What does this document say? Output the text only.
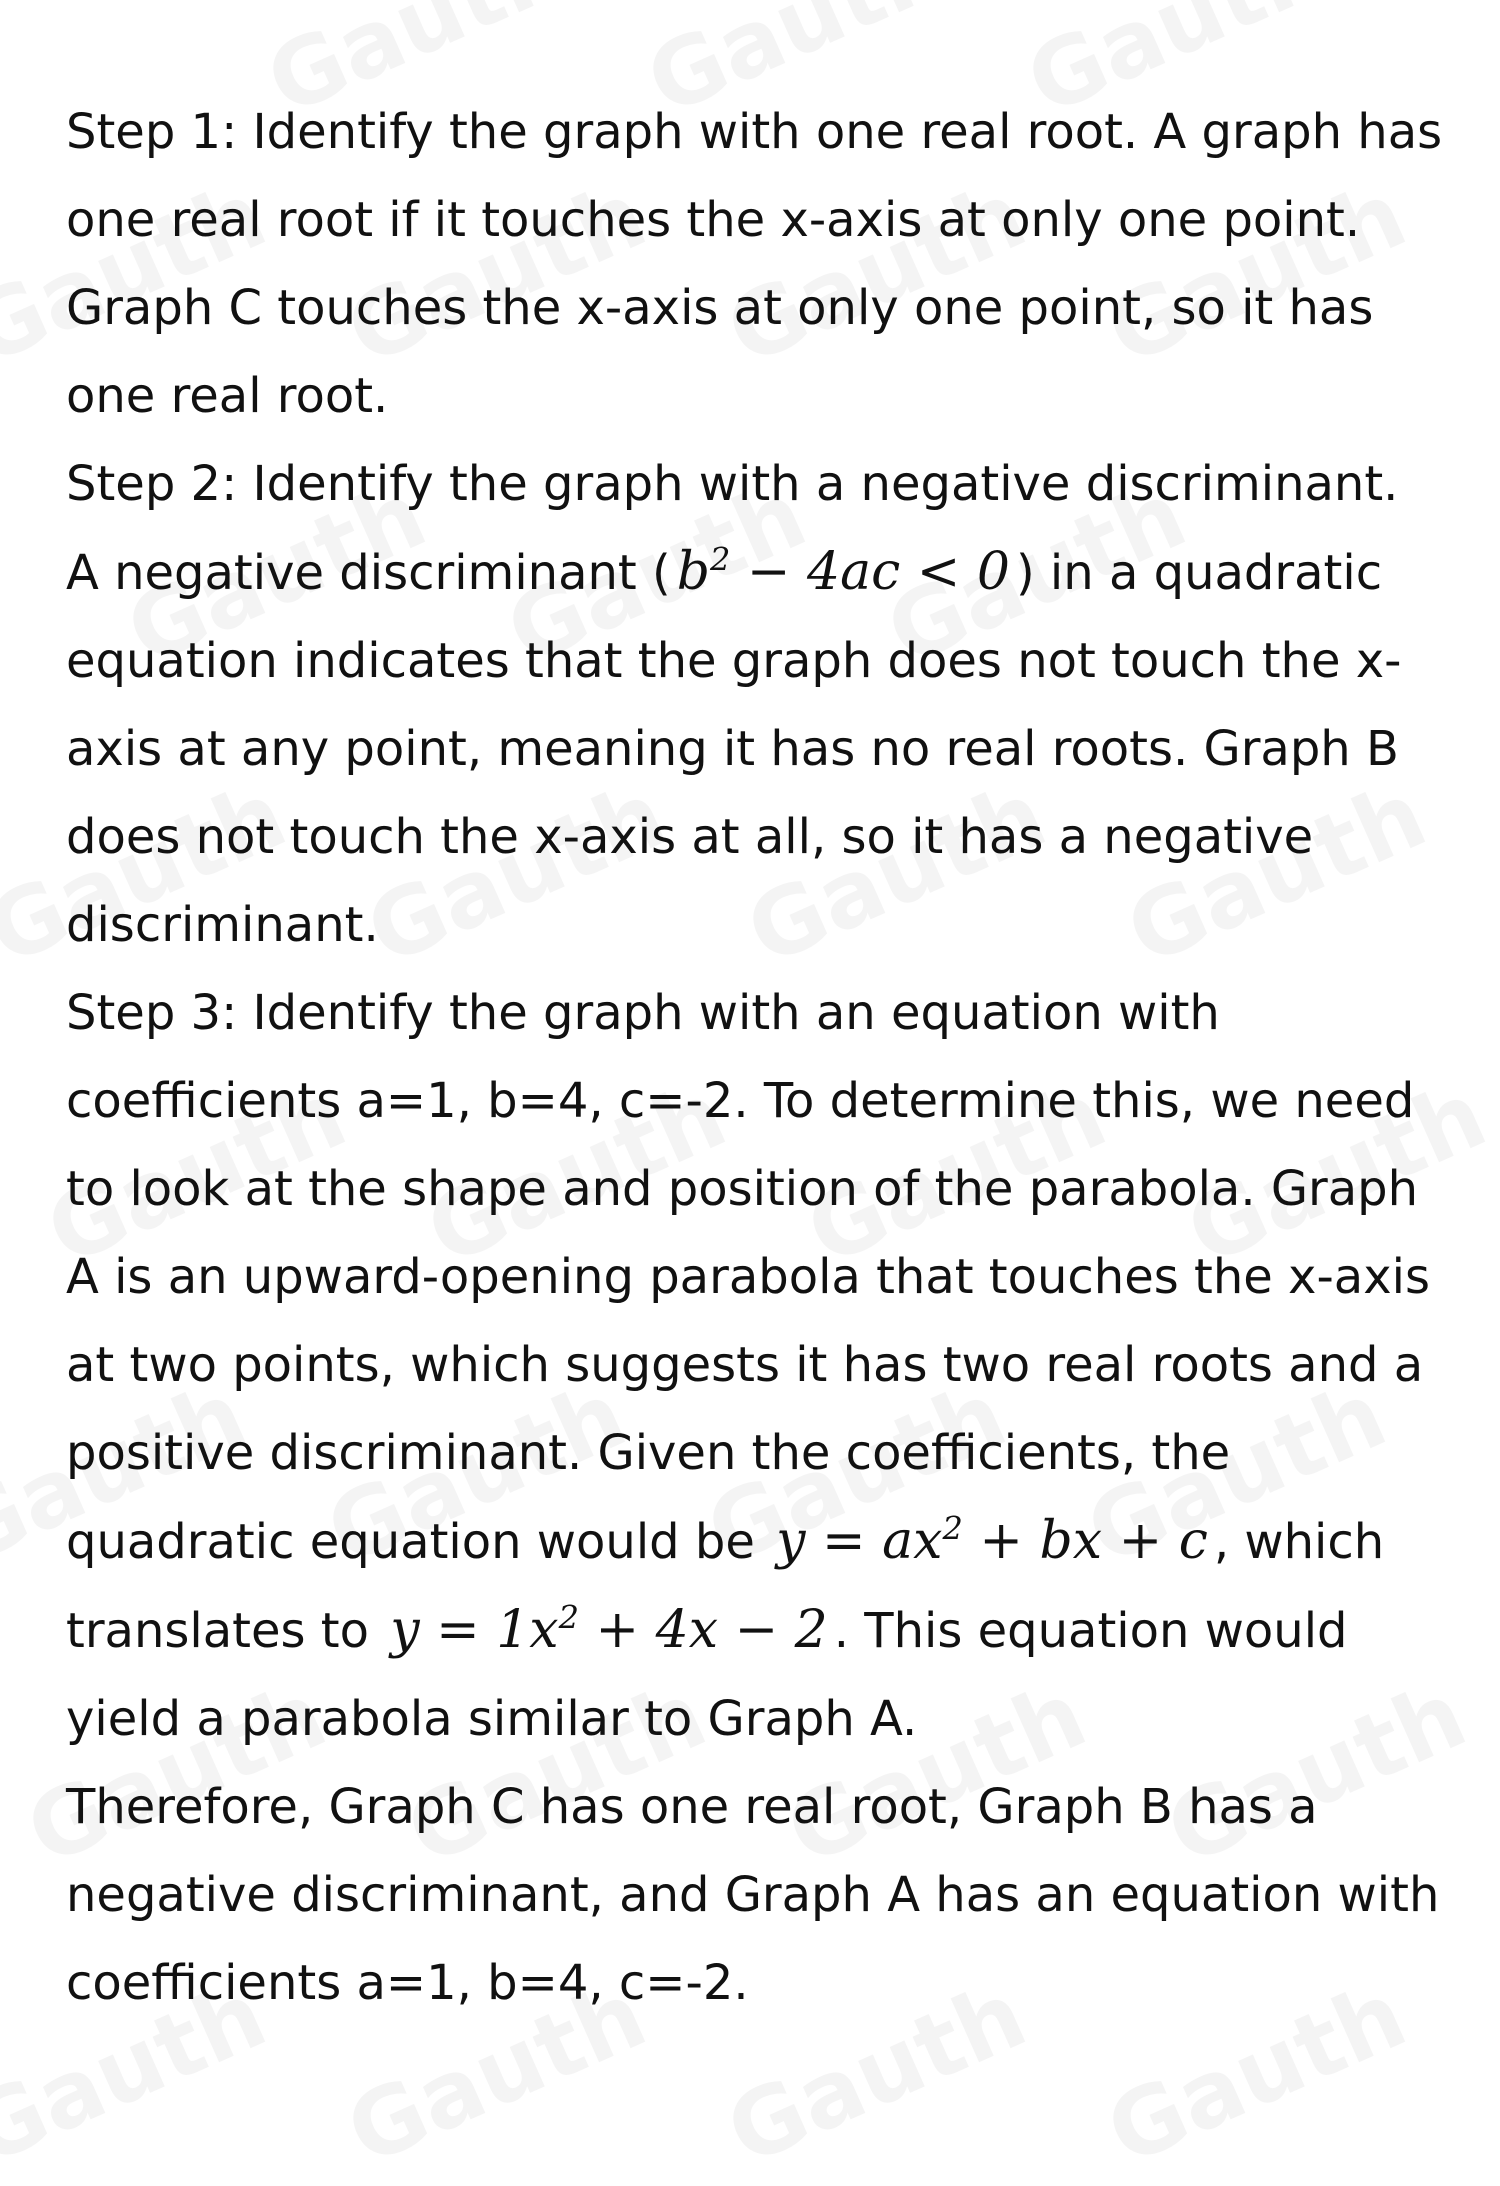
Step 1: Identify the graph with one real root. A graph has one real root if it touches the x-axis at only one point. Graph C touches the x-axis at only one point, so it has one real root.

Step 2: Identify the graph with a negative discriminant. A negative discriminant ( $b^2 - 4ac < 0$ ) in a quadratic equation indicates that the graph does not touch the x-axis at any point, meaning it has no real roots. Graph B does not touch the x-axis at all, so it has a negative discriminant.

Step 3: Identify the graph with an equation with coefficients a=1, b=4, c=-2. To determine this, we need to look at the shape and position of the parabola. Graph A is an upward-opening parabola that touches the x-axis at two points, which suggests it has two real roots and a positive discriminant. Given the coefficients, the quadratic equation would be $y = ax^2$ + bx + c , which translates to $y = 1x^2 + 4x - 2$ . This equation would yield a parabola similar to Graph A.

Therefore, Graph C has one real root, Graph B has a negative discriminant, and Graph A has an equation with coefficients a=1, b=4, c=-2.
